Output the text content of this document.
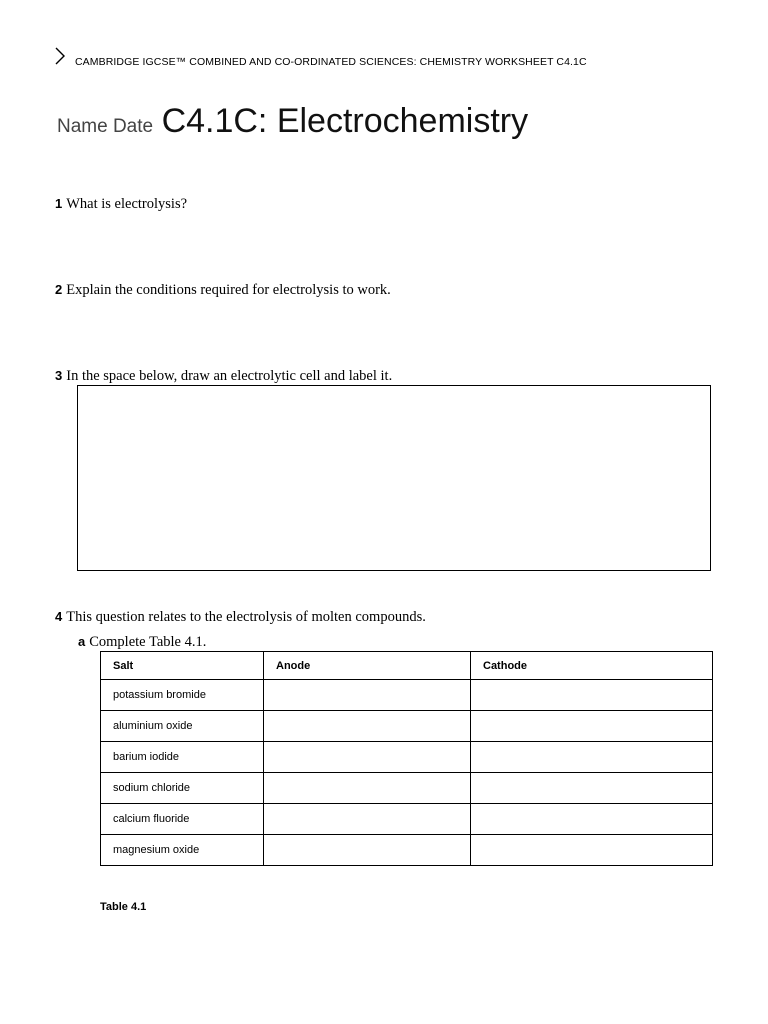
CAMBRIDGE IGCSE™ COMBINED AND CO-ORDINATED SCIENCES: CHEMISTRY WORKSHEET C4.1C
Name Date C4.1C: Electrochemistry
1 What is electrolysis?
2 Explain the conditions required for electrolysis to work.
3 In the space below, draw an electrolytic cell and label it.
4 This question relates to the electrolysis of molten compounds.
a Complete Table 4.1.
Salt	Anode	Cathode
potassium bromide		
aluminium oxide		
barium iodide		
sodium chloride		
calcium fluoride		
magnesium oxide		
Table 4.1
